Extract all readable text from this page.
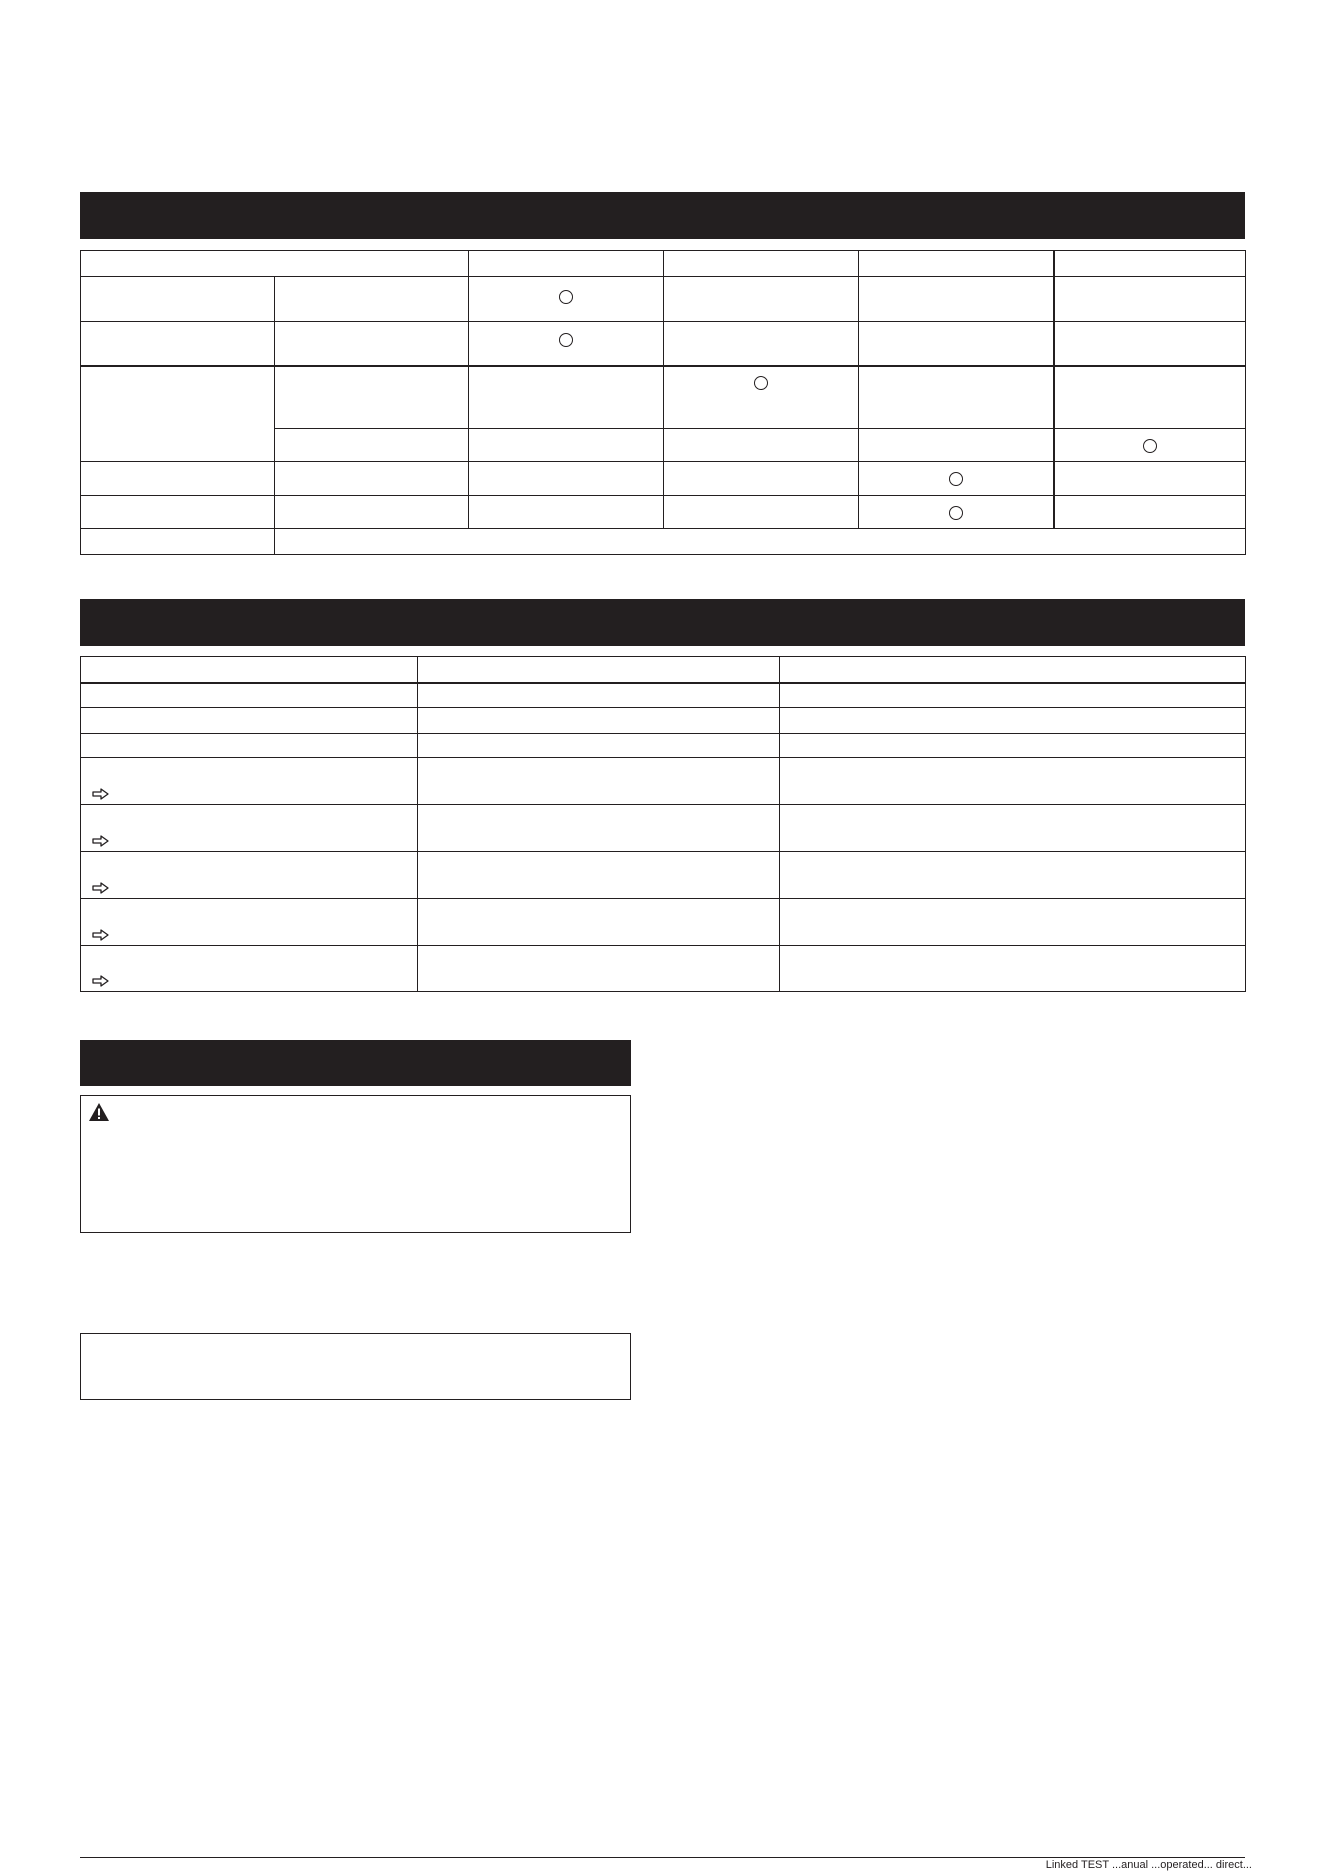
Linked TEST ...anual ...operated... direct...
